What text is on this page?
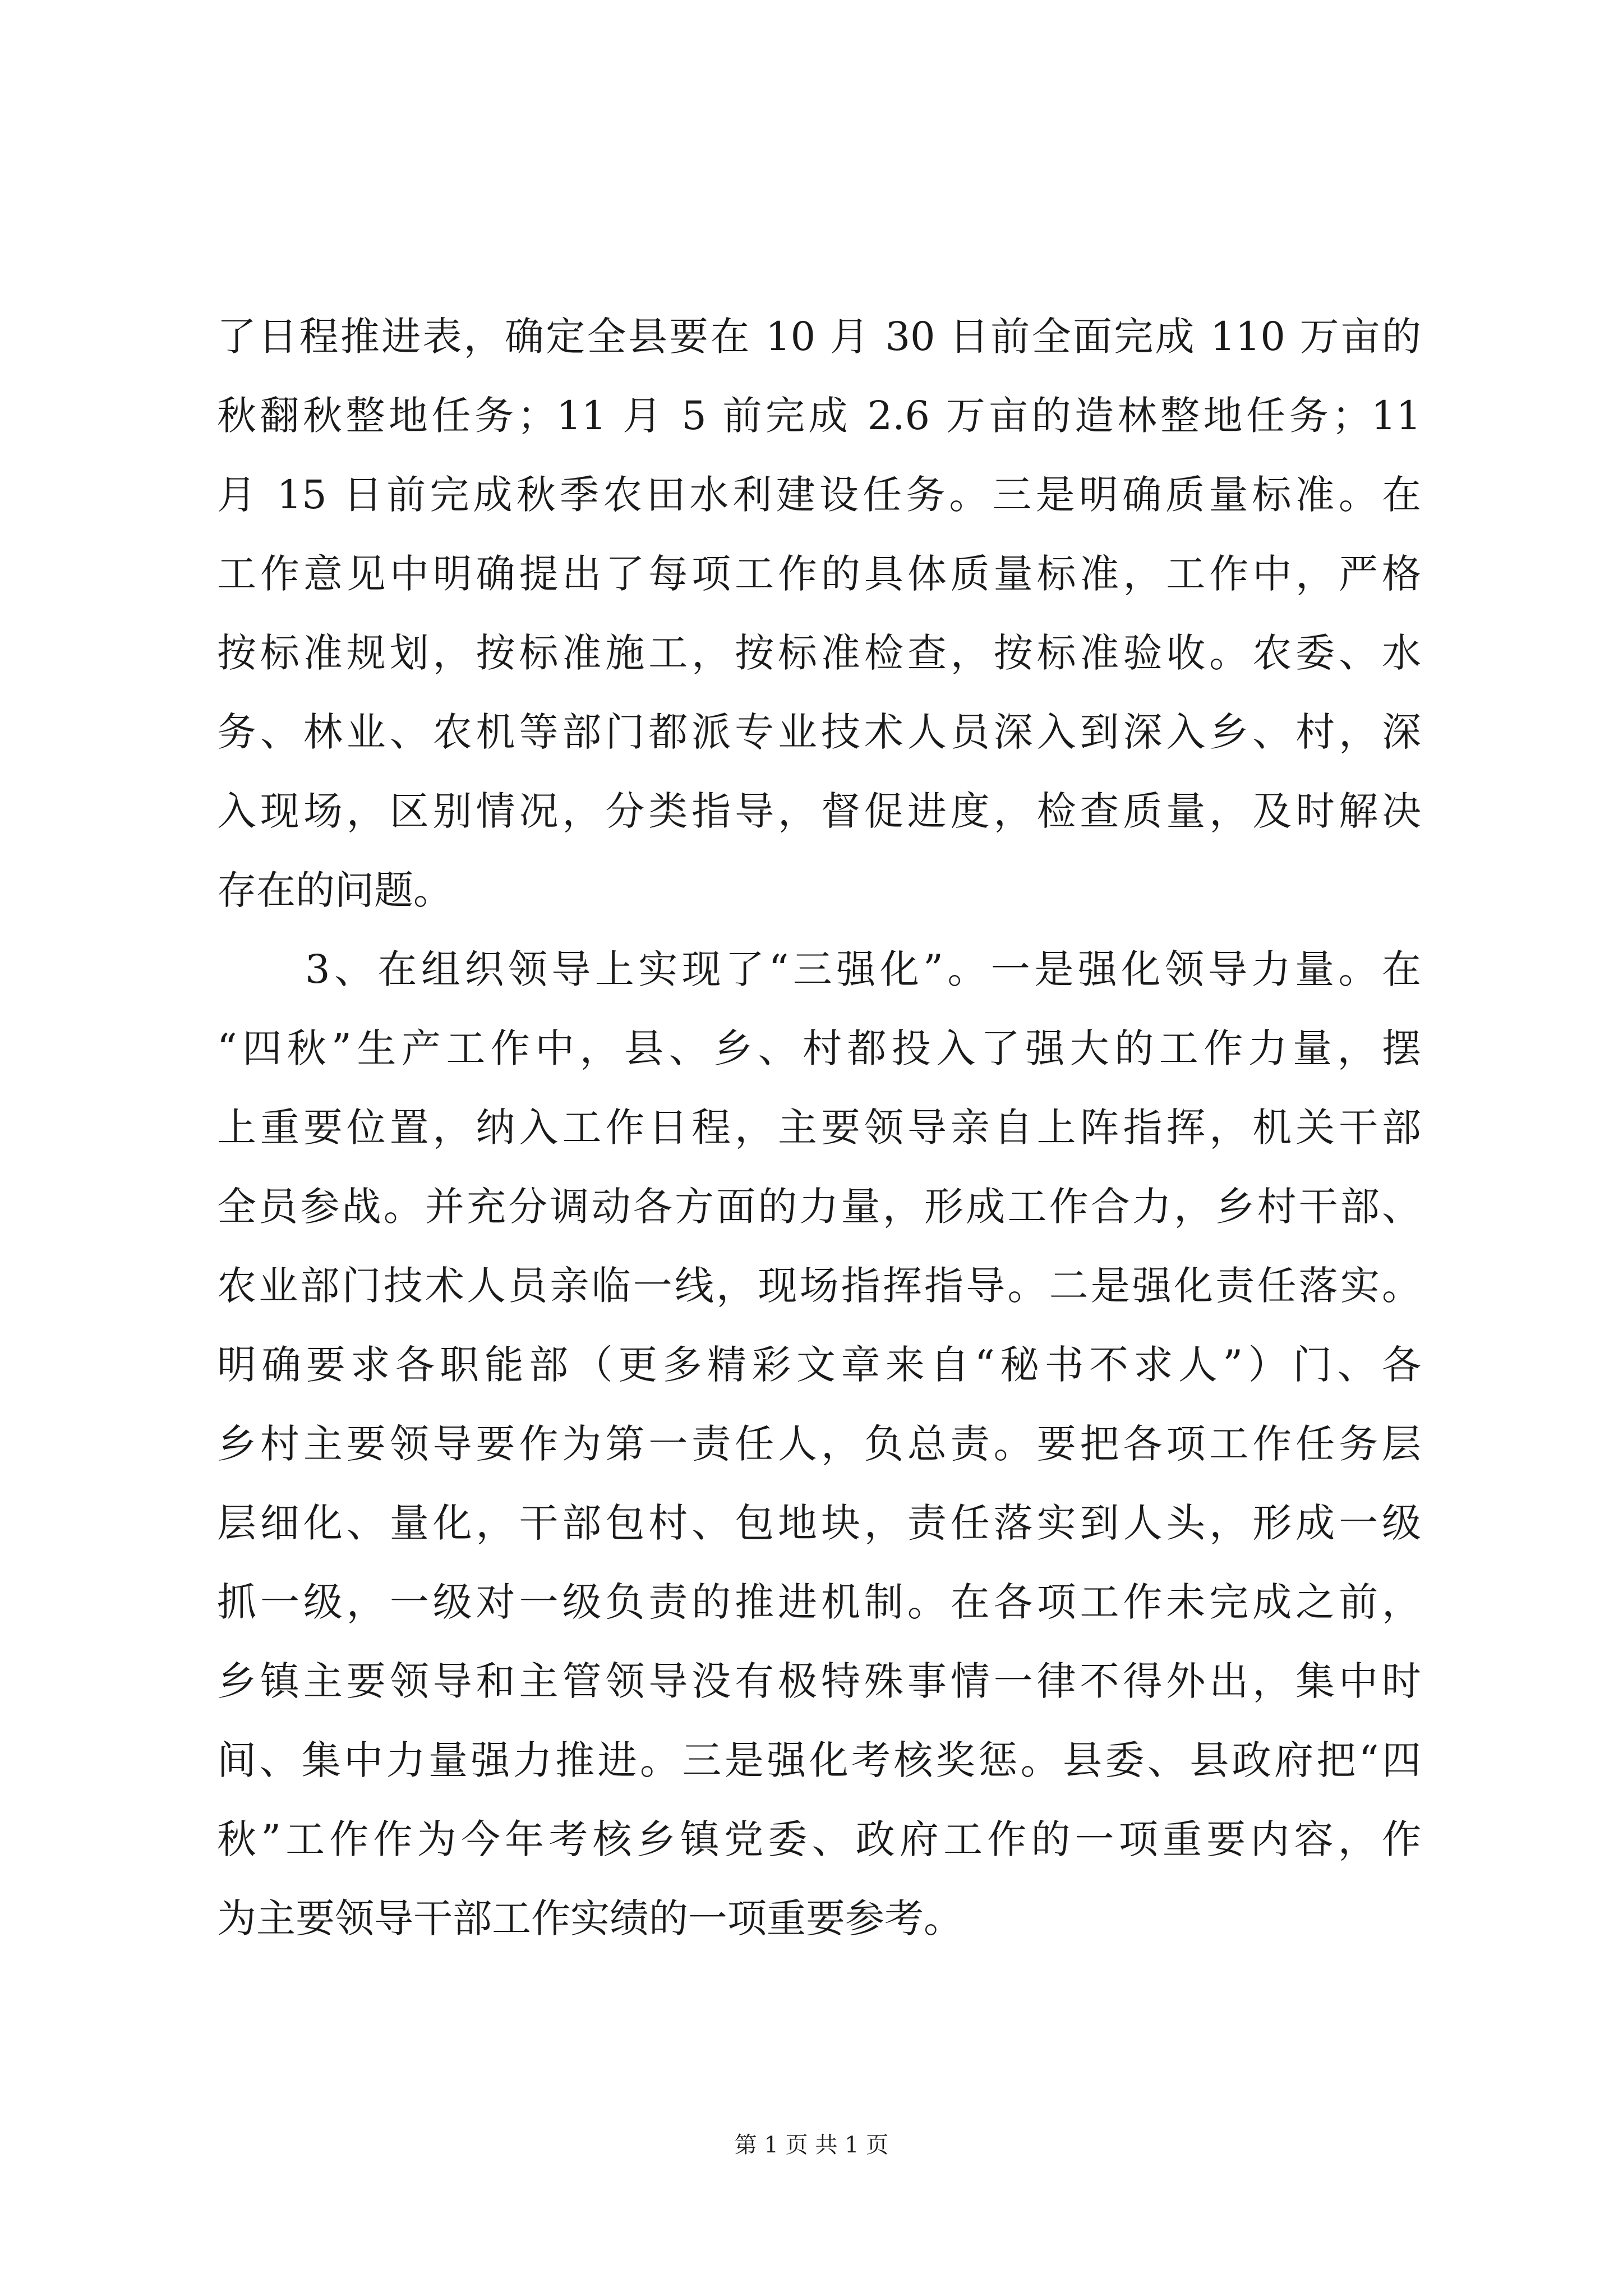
了日程推进表，确定全县要在 10 月 30 日前全面完成 110 万亩的
秋翻秋整地任务；11 月 5 前完成 2.6 万亩的造林整地任务；11
月 15 日前完成秋季农田水利建设任务。三是明确质量标准。在
工作意见中明确提出了每项工作的具体质量标准，工作中，严格
按标准规划，按标准施工，按标准检查，按标准验收。农委、水
务、林业、农机等部门都派专业技术人员深入到深入乡、村，深
入现场，区别情况，分类指导，督促进度，检查质量，及时解决
存在的问题。
3、在组织领导上实现了“三强化”。一是强化领导力量。在
“四秋”生产工作中，县、乡、村都投入了强大的工作力量，摆
上重要位置，纳入工作日程，主要领导亲自上阵指挥，机关干部
全员参战。并充分调动各方面的力量，形成工作合力，乡村干部、
农业部门技术人员亲临一线，现场指挥指导。二是强化责任落实。
明确要求各职能部（更多精彩文章来自“秘书不求人”）门、各
乡村主要领导要作为第一责任人，负总责。要把各项工作任务层
层细化、量化，干部包村、包地块，责任落实到人头，形成一级
抓一级，一级对一级负责的推进机制。在各项工作未完成之前，
乡镇主要领导和主管领导没有极特殊事情一律不得外出，集中时
间、集中力量强力推进。三是强化考核奖惩。县委、县政府把“四
秋”工作作为今年考核乡镇党委、政府工作的一项重要内容，作
为主要领导干部工作实绩的一项重要参考。
第 1 页 共 1 页
